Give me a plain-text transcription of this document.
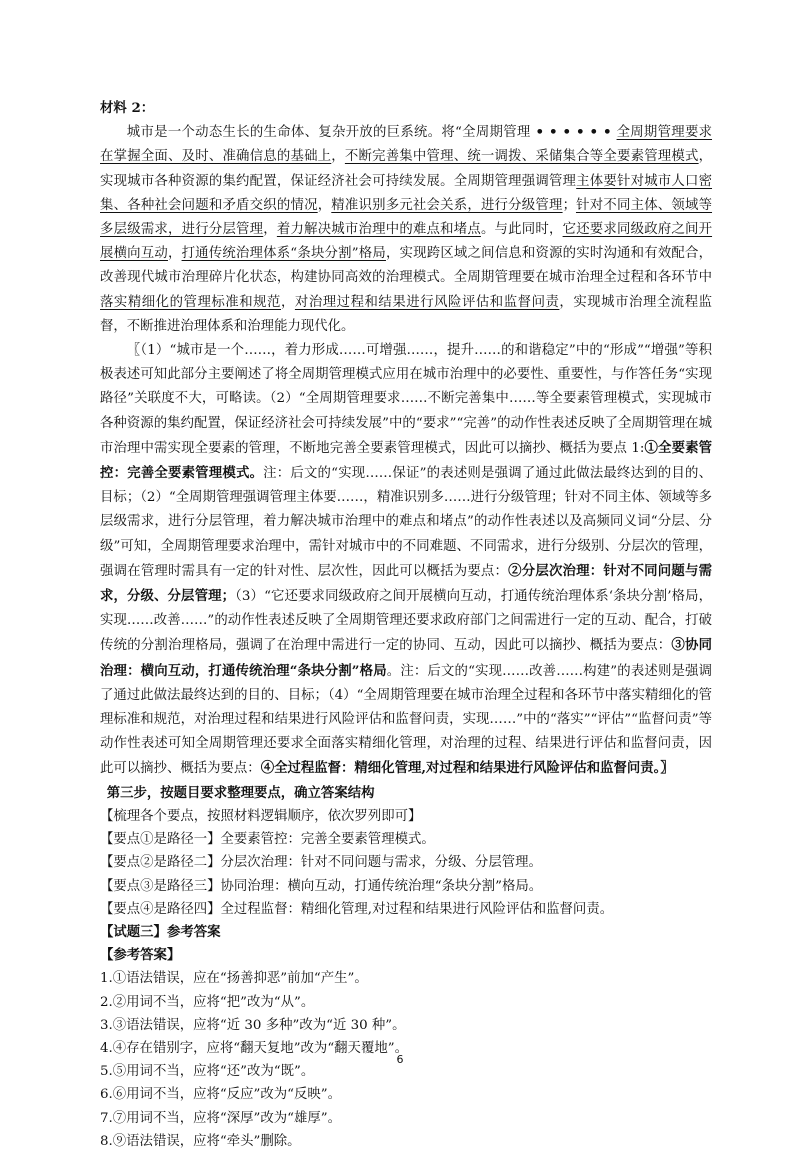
材料 2：

城市是一个动态生长的生命体、复杂开放的巨系统。将“全周期管理 • • • • • • 全周期管理要求在掌握全面、及时、准确信息的基础上，不断完善集中管理、统一调拨、采储集合等全要素管理模式，实现城市各种资源的集约配置，保证经济社会可持续发展。全周期管理强调管理主体要针对城市人口密集、各种社会问题和矛盾交织的情况，精准识别多元社会关系，进行分级管理；针对不同主体、领域等多层级需求，进行分层管理，着力解决城市治理中的难点和堵点。与此同时，它还要求同级政府之间开展横向互动，打通传统治理体系“条块分割”格局，实现跨区域之间信息和资源的实时沟通和有效配合，改善现代城市治理碎片化状态，构建协同高效的治理模式。全周期管理要在城市治理全过程和各环节中落实精细化的管理标准和规范，对治理过程和结果进行风险评估和监督问责，实现城市治理全流程监督，不断推进治理体系和治理能力现代化。

〖（1）“城市是一个……，着力形成……可增强……，提升……的和谐稳定”中的“形成”“增强”等积极表述可知此部分主要阐述了将全周期管理模式应用在城市治理中的必要性、重要性，与作答任务“实现路径”关联度不大，可略读。（2）“全周期管理要求……不断完善集中……等全要素管理模式，实现城市各种资源的集约配置，保证经济社会可持续发展”中的“要求”“完善”的动作性表述反映了全周期管理在城市治理中需实现全要素的管理，不断地完善全要素管理模式，因此可以摘抄、概括为要点 1:①全要素管控：完善全要素管理模式。注：后文的“实现……保证”的表述则是强调了通过此做法最终达到的目的、目标；（2）“全周期管理强调管理主体要……，精准识别多……进行分级管理；针对不同主体、领域等多层级需求，进行分层管理，着力解决城市治理中的难点和堵点”的动作性表述以及高频同义词“分层、分级”可知，全周期管理要求治理中，需针对城市中的不同难题、不同需求，进行分级别、分层次的管理，强调在管理时需具有一定的针对性、层次性，因此可以概括为要点：②分层次治理：针对不同问题与需求，分级、分层管理；（3）“它还要求同级政府之间开展横向互动，打通传统治理体系‘条块分割’格局，实现……改善……”的动作性表述反映了全周期管理还要求政府部门之间需进行一定的互动、配合，打破传统的分割治理格局，强调了在治理中需进行一定的协同、互动，因此可以摘抄、概括为要点：③协同治理：横向互动，打通传统治理“条块分割”格局。注：后文的“实现……改善……构建”的表述则是强调了通过此做法最终达到的目的、目标；（4）“全周期管理要在城市治理全过程和各环节中落实精细化的管理标准和规范，对治理过程和结果进行风险评估和监督问责，实现……”中的“落实”“评估”“监督问责”等动作性表述可知全周期管理还要求全面落实精细化管理，对治理的过程、结果进行评估和监督问责，因此可以摘抄、概括为要点：④全过程监督：精细化管理,对过程和结果进行风险评估和监督问责。〗

第三步，按题目要求整理要点，确立答案结构

【梳理各个要点，按照材料逻辑顺序，依次罗列即可】

【要点①是路径一】全要素管控：完善全要素管理模式。

【要点②是路径二】分层次治理：针对不同问题与需求，分级、分层管理。

【要点③是路径三】协同治理：横向互动，打通传统治理“条块分割”格局。

【要点④是路径四】全过程监督：精细化管理,对过程和结果进行风险评估和监督问责。

【试题三】参考答案

【参考答案】

1.①语法错误，应在“扬善抑恶”前加“产生”。

2.②用词不当，应将“把”改为“从”。

3.③语法错误，应将“近 30 多种”改为“近 30 种”。

4.④存在错别字，应将“翻天复地”改为“翻天覆地”。

5.⑤用词不当，应将“还”改为“既”。

6.⑥用词不当，应将“反应”改为“反映”。

7.⑦用词不当，应将“深厚”改为“雄厚”。

8.⑨语法错误，应将“牵头”删除。

6
